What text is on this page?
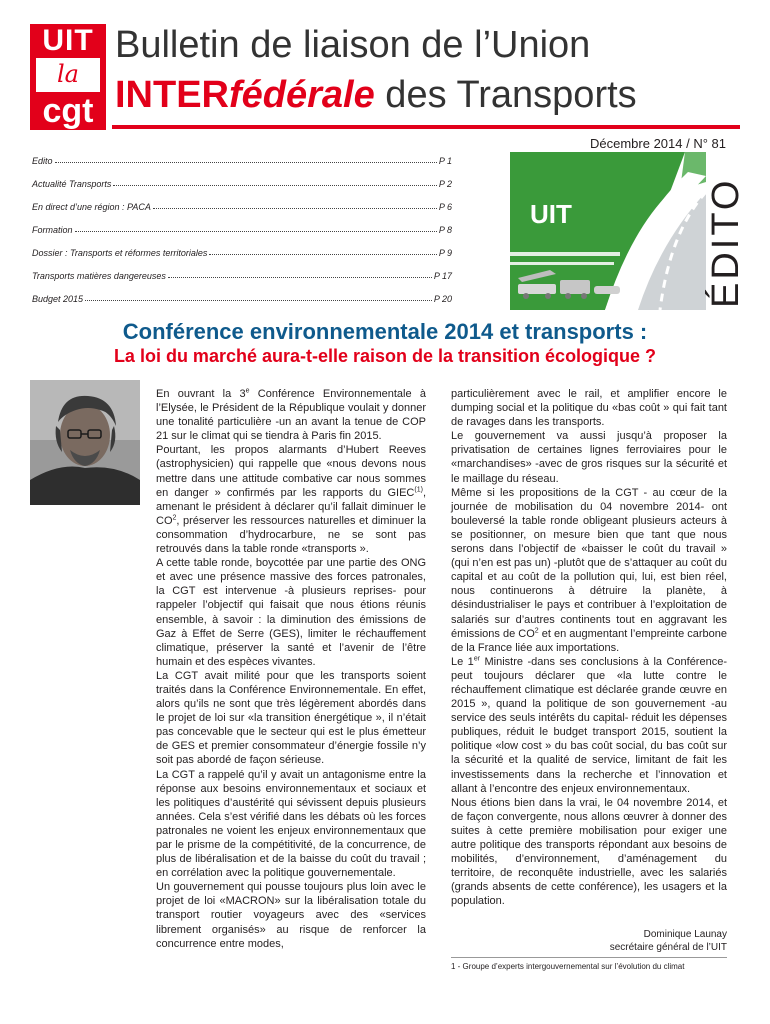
UIT
la
cgt
Bulletin de liaison de l’Union
INTERfédérale des Transports
Décembre 2014 / N° 81
Edito	P 1
Actualité Transports	P 2
En direct d’une région : PACA	P 6
Formation	P 8
Dossier : Transports et réformes territoriales	P 9
Transports matières dangereuses	P 17
Budget 2015	P 20
UIT	ÉDITO
Conférence environnementale 2014 et transports :
La loi du marché aura-t-elle raison de la transition écologique ?

En ouvrant la 3e Conférence Environnementale à l’Elysée, le Président de la République voulait y donner une tonalité particulière -un an avant la tenue de COP 21 sur le climat qui se tiendra à Paris fin 2015.

Pourtant, les propos alarmants d’Hubert Reeves (astrophysicien) qui rappelle que «nous devons nous mettre dans une attitude combative car nous sommes en danger » confirmés par les rapports du GIEC$^{(1)}$, amenant le président à déclarer qu’il fallait diminuer le $CO^2$, préserver les ressources naturelles et diminuer la consommation d’hydrocarbure, ne se sont pas retrouvés dans la table ronde «transports ».

A cette table ronde, boycottée par une partie des ONG et avec une présence massive des forces patronales, la CGT est intervenue -à plusieurs reprises- pour rappeler l’objectif qui faisait que nous étions réunis ensemble, à savoir : la diminution des émissions de Gaz à Effet de Serre (GES), limiter le réchauffement climatique, préserver la santé et l’avenir de l’être humain et des espèces vivantes.

La CGT avait milité pour que les transports soient traités dans la Conférence Environnementale. En effet, alors qu’ils ne sont que très légèrement abordés dans le projet de loi sur «la transition énergétique », il n’était pas concevable que le secteur qui est le plus émetteur de GES et premier consommateur d’énergie fossile n’y soit pas abordé de façon sérieuse.

La CGT a rappelé qu’il y avait un antagonisme entre la réponse aux besoins environnementaux et sociaux et les politiques d’austérité qui sévissent depuis plusieurs années. Cela s’est vérifié dans les débats où les forces patronales ne voient les enjeux environnementaux que par le prisme de la compétitivité, de la concurrence, de plus de libéralisation et de la baisse du coût du travail ; en corrélation avec la politique gouvernementale.

Un gouvernement qui pousse toujours plus loin avec le projet de loi «MACRON» sur la libéralisation totale du transport routier voyageurs avec des «services librement organisés» au risque de renforcer la concurrence entre modes,

particulièrement avec le rail, et amplifier encore le dumping social et la politique du «bas coût » qui fait tant de ravages dans les transports.

Le gouvernement va aussi jusqu’à proposer la privatisation de certaines lignes ferroviaires pour le «marchandises» -avec de gros risques sur la sécurité et le maillage du réseau.

Même si les propositions de la CGT - au cœur de la journée de mobilisation du 04 novembre 2014- ont bouleversé la table ronde obligeant plusieurs acteurs à se positionner, on mesure bien que tant que nous serons dans l’objectif de «baisser le coût du travail » (qui n’en est pas un) -plutôt que de s’attaquer au coût du capital et au coût de la pollution qui, lui, est bien réel, nous continuerons à détruire la planète, à désindustrialiser le pays et contribuer à l’exploitation de salariés sur d’autres continents tout en aggravant les émissions de $CO^2$ et en augmentant l’empreinte carbone de la France liée aux importations.

Le 1er Ministre -dans ses conclusions à la Conférence- peut toujours déclarer que «la lutte contre le réchauffement climatique est déclarée grande œuvre en 2015 », quand la politique de son gouvernement -au service des seuls intérêts du capital- réduit les dépenses publiques, réduit le budget transport 2015, soutient la politique «low cost » du bas coût social, du bas coût sur la sécurité et la qualité de service, limitant de fait les investissements dans la recherche et l’innovation et allant à l’encontre des enjeux environnementaux.

Nous étions bien dans la vrai, le 04 novembre 2014, et de façon convergente, nous allons œuvrer à donner des suites à cette première mobilisation pour exiger une autre politique des transports répondant aux besoins de mobilités, d’environnement, d’aménagement du territoire, de reconquête industrielle, avec les salariés (grands absents de cette conférence), les usagers et la population.

Dominique Launay
secrétaire général de l’UIT
1 - Groupe d’experts intergouvernemental sur l’évolution du climat
